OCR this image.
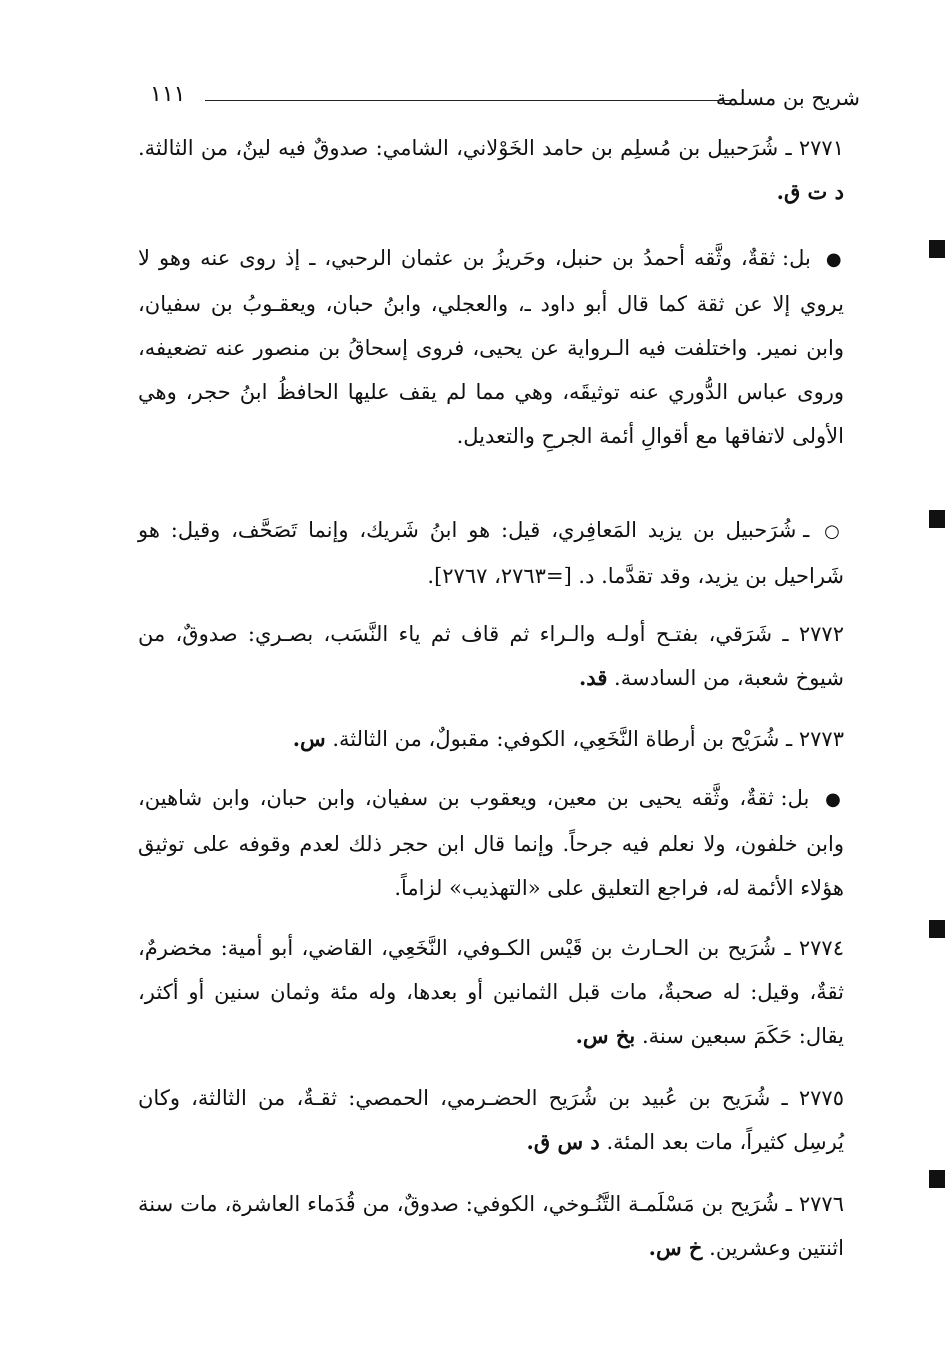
شريح بن مسلمة
١١١
٢٧٧١ ـ شُرَحبيل بن مُسلِم بن حامد الخَوْلاني، الشامي: صدوقٌ فيه لينٌ، من الثالثة. د ت ق.
● بل: ثقةٌ، وثَّقه أحمدُ بن حنبل، وحَريزُ بن عثمان الرحبي، ـ إذ روى عنه وهو لا يروي إلا عن ثقة كما قال أبو داود ـ، والعجلي، وابنُ حبان، ويعقـوبُ بن سفيان، وابن نمير. واختلفت فيه الـرواية عن يحيى، فروى إسحاقُ بن منصور عنه تضعيفه، وروى عباس الدُّوري عنه توثيقَه، وهي مما لم يقف عليها الحافظُ ابنُ حجر، وهي الأولى لاتفاقها مع أقوالِ أئمة الجرحِ والتعديل.
○ ـ شُرَحبيل بن يزيد المَعافِري، قيل: هو ابنُ شَريك، وإنما تَصَحَّف، وقيل: هو شَراحيل بن يزيد، وقد تقدَّما. د. [=٢٧٦٣، ٢٧٦٧].
٢٧٧٢ ـ شَرَقي، بفتـح أولـه والـراء ثم قاف ثم ياء النَّسَب، بصـري: صدوقٌ، من شيوخ شعبة، من السادسة. قد.
٢٧٧٣ ـ شُرَيْح بن أرطاة النَّخَعِي، الكوفي: مقبولٌ، من الثالثة. س.
● بل: ثقةٌ، وثَّقه يحيى بن معين، ويعقوب بن سفيان، وابن حبان، وابن شاهين، وابن خلفون، ولا نعلم فيه جرحاً. وإنما قال ابن حجر ذلك لعدم وقوفه على توثيق هؤلاء الأئمة له، فراجع التعليق على «التهذيب» لزاماً.
٢٧٧٤ ـ شُرَيح بن الحـارث بن قَيْس الكـوفي، النَّخَعِي، القاضي، أبو أمية: مخضرمٌ، ثقةٌ، وقيل: له صحبةٌ، مات قبل الثمانين أو بعدها، وله مئة وثمان سنين أو أكثر، يقال: حَكَمَ سبعين سنة. بخ س.
٢٧٧٥ ـ شُرَيح بن عُبيد بن شُرَيح الحضـرمي، الحمصي: ثقـةٌ، من الثالثة، وكان يُرسِل كثيراً، مات بعد المئة. د س ق.
٢٧٧٦ ـ شُرَيح بن مَسْلَمـة التَّنُـوخي، الكوفي: صدوقٌ، من قُدَماء العاشرة، مات سنة اثنتين وعشرين. خ س.
